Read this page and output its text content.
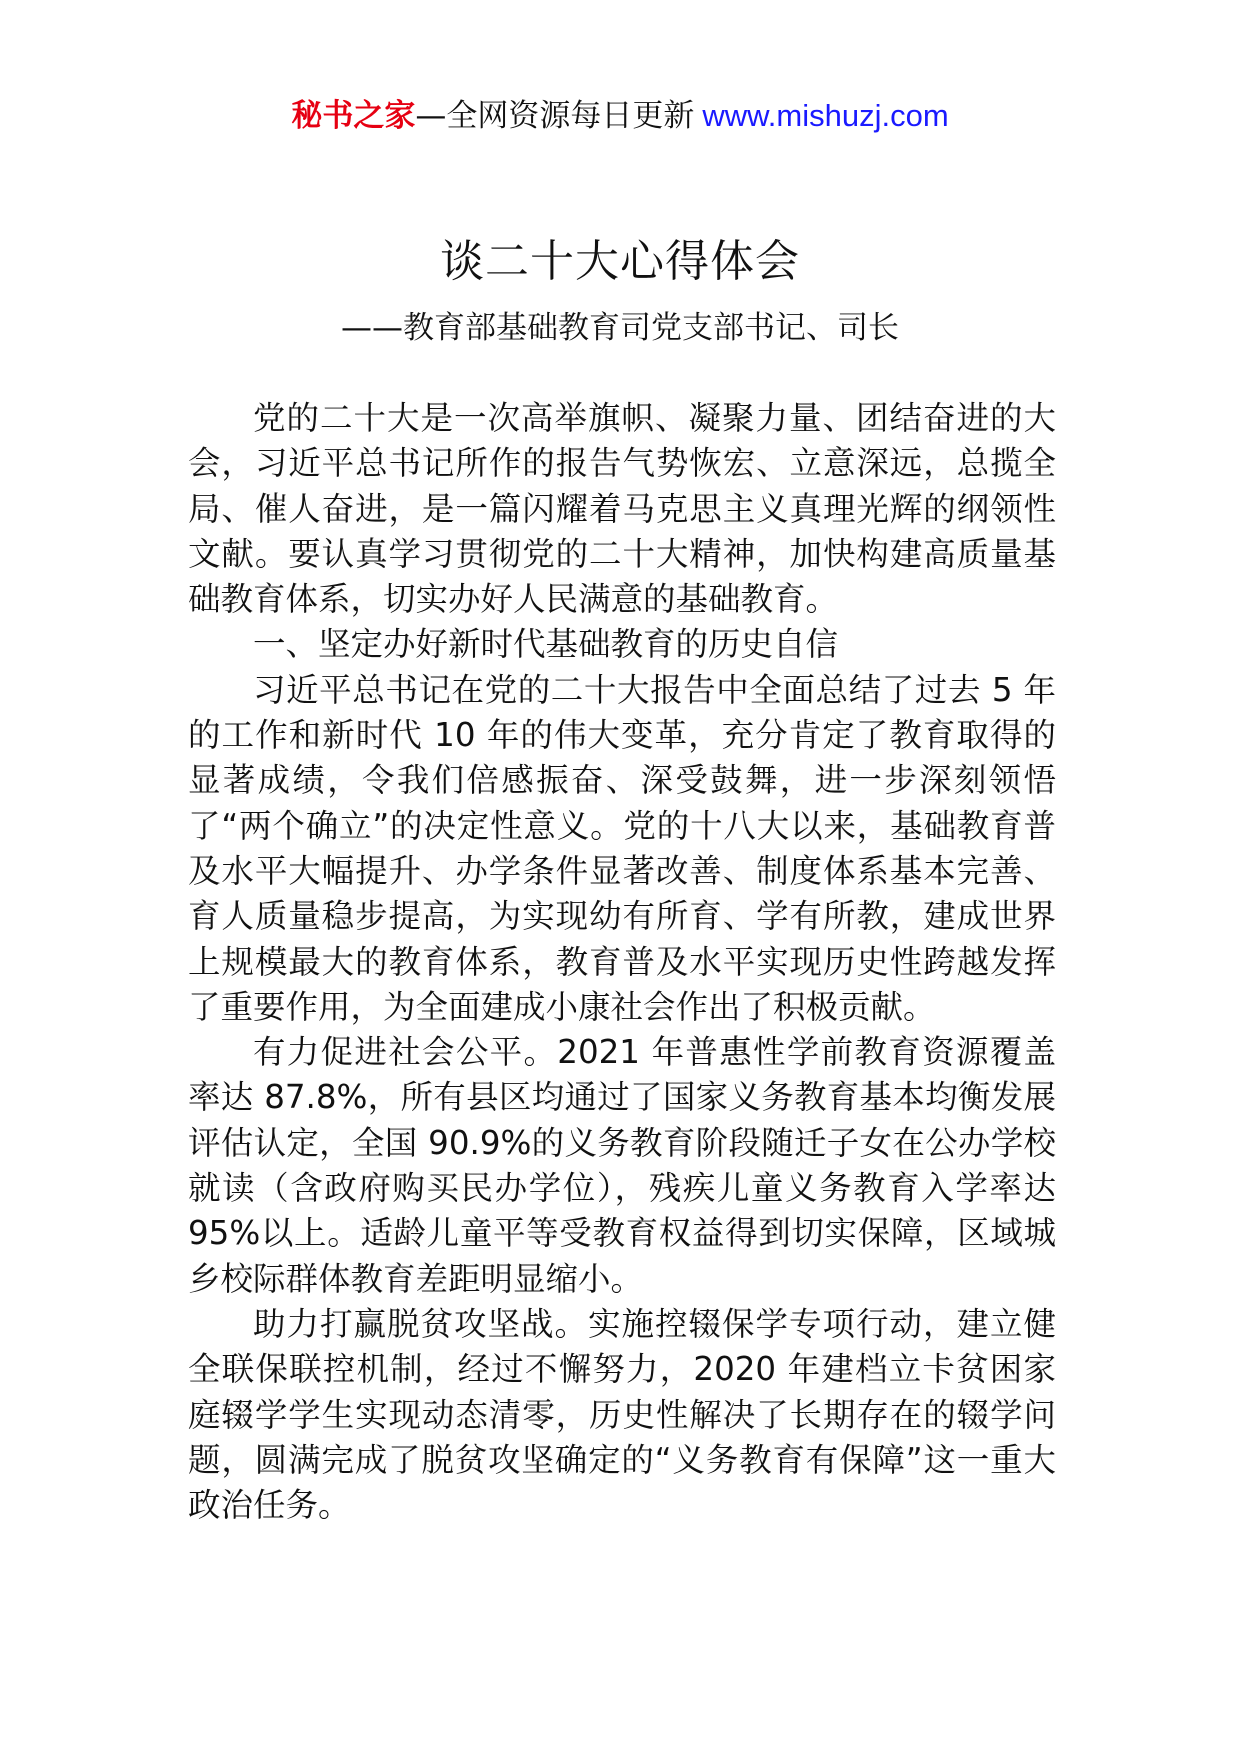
秘书之家—全网资源每日更新 www.mishuzj.com
谈二十大心得体会
——教育部基础教育司党支部书记、司长

党的二十大是一次高举旗帜、凝聚力量、团结奋进的大会，习近平总书记所作的报告气势恢宏、立意深远，总揽全局、催人奋进，是一篇闪耀着马克思主义真理光辉的纲领性文献。要认真学习贯彻党的二十大精神，加快构建高质量基础教育体系，切实办好人民满意的基础教育。

一、坚定办好新时代基础教育的历史自信

习近平总书记在党的二十大报告中全面总结了过去 5 年的工作和新时代 10 年的伟大变革，充分肯定了教育取得的显著成绩，令我们倍感振奋、深受鼓舞，进一步深刻领悟了“两个确立”的决定性意义。党的十八大以来，基础教育普及水平大幅提升、办学条件显著改善、制度体系基本完善、育人质量稳步提高，为实现幼有所育、学有所教，建成世界上规模最大的教育体系，教育普及水平实现历史性跨越发挥了重要作用，为全面建成小康社会作出了积极贡献。

有力促进社会公平。2021 年普惠性学前教育资源覆盖率达 87.8%，所有县区均通过了国家义务教育基本均衡发展评估认定，全国 90.9%的义务教育阶段随迁子女在公办学校就读（含政府购买民办学位），残疾儿童义务教育入学率达 95%以上。适龄儿童平等受教育权益得到切实保障，区域城乡校际群体教育差距明显缩小。

助力打赢脱贫攻坚战。实施控辍保学专项行动，建立健全联保联控机制，经过不懈努力，2020 年建档立卡贫困家庭辍学学生实现动态清零，历史性解决了长期存在的辍学问题，圆满完成了脱贫攻坚确定的“义务教育有保障”这一重大政治任务。
